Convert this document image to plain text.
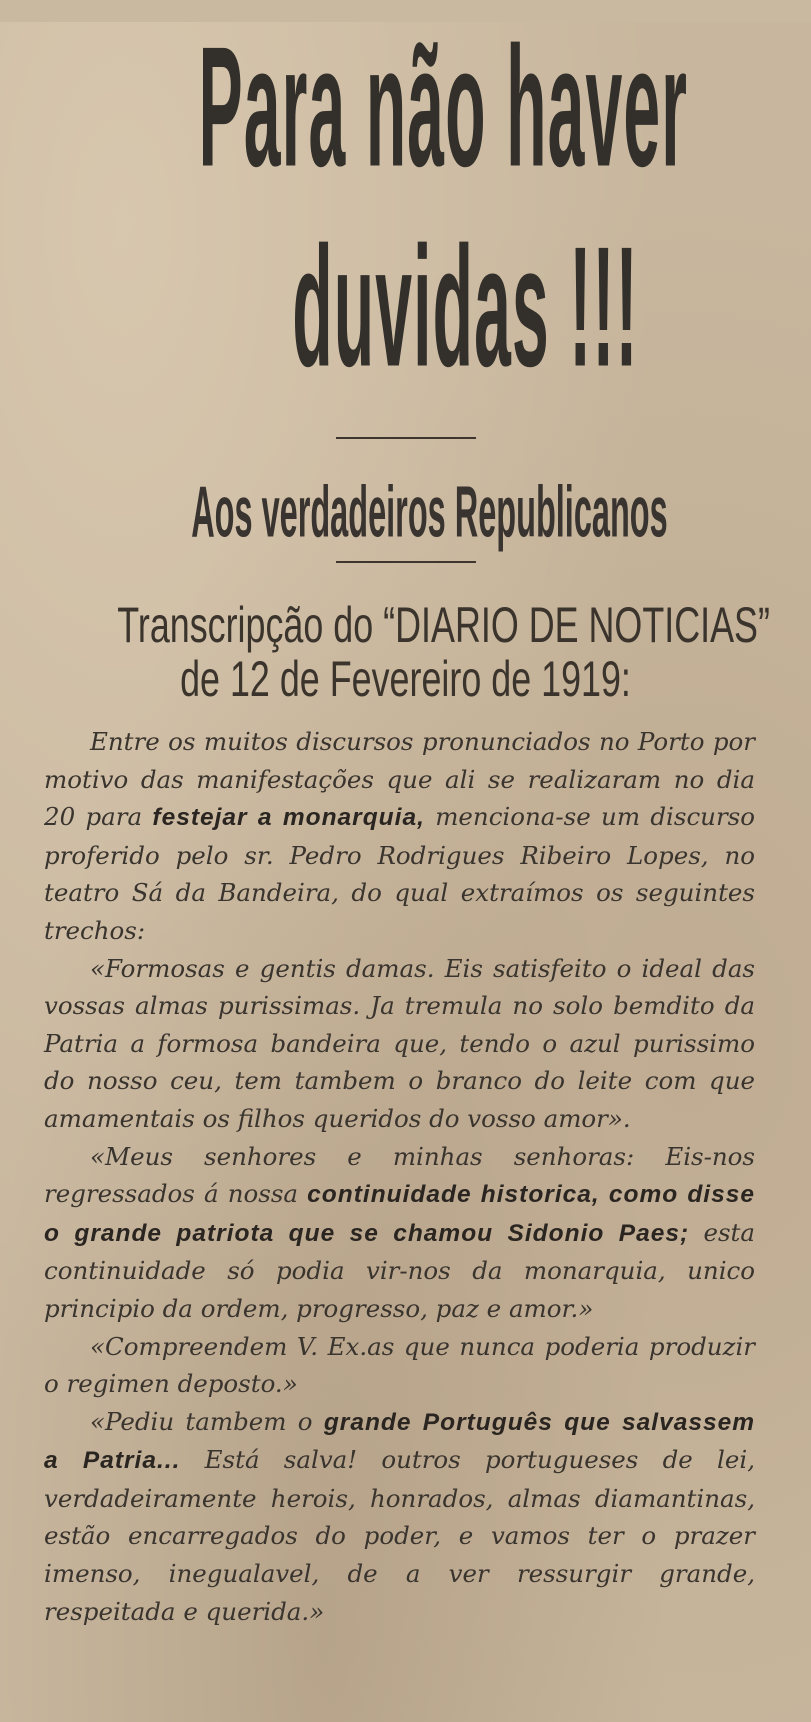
Para não haver
duvidas !!!
Aos verdadeiros Republicanos
Transcripção do “DIARIO DE NOTICIAS”
de 12 de Fevereiro de 1919:

Entre os muitos discursos pronunciados no Porto por motivo das manifestações que ali se realizaram no dia 20 para festejar a monarquia, menciona-se um discurso proferido pelo sr. Pedro Rodrigues Ribeiro Lopes, no teatro Sá da Bandeira, do qual extraímos os seguintes trechos:

«Formosas e gentis damas. Eis satisfeito o ideal das vossas almas purissimas. Ja tremula no solo bemdito da Patria a formosa bandeira que, tendo o azul purissimo do nosso ceu, tem tambem o branco do leite com que amamentais os filhos queridos do vosso amor».

«Meus senhores e minhas senhoras: Eis-nos regressados á nossa continuidade historica, como disse o grande patriota que se chamou Sidonio Paes; esta continuidade só podia vir-nos da monarquia, unico principio da ordem, progresso, paz e amor.»

«Compreendem V. Ex.as que nunca poderia produzir o regimen deposto.»

«Pediu tambem o grande Português que salvassem a Patria... Está salva! outros portugueses de lei, verdadeiramente herois, honrados, almas diamantinas, estão encarregados do poder, e vamos ter o prazer imenso, inegualavel, de a ver ressurgir grande, respeitada e querida.»
